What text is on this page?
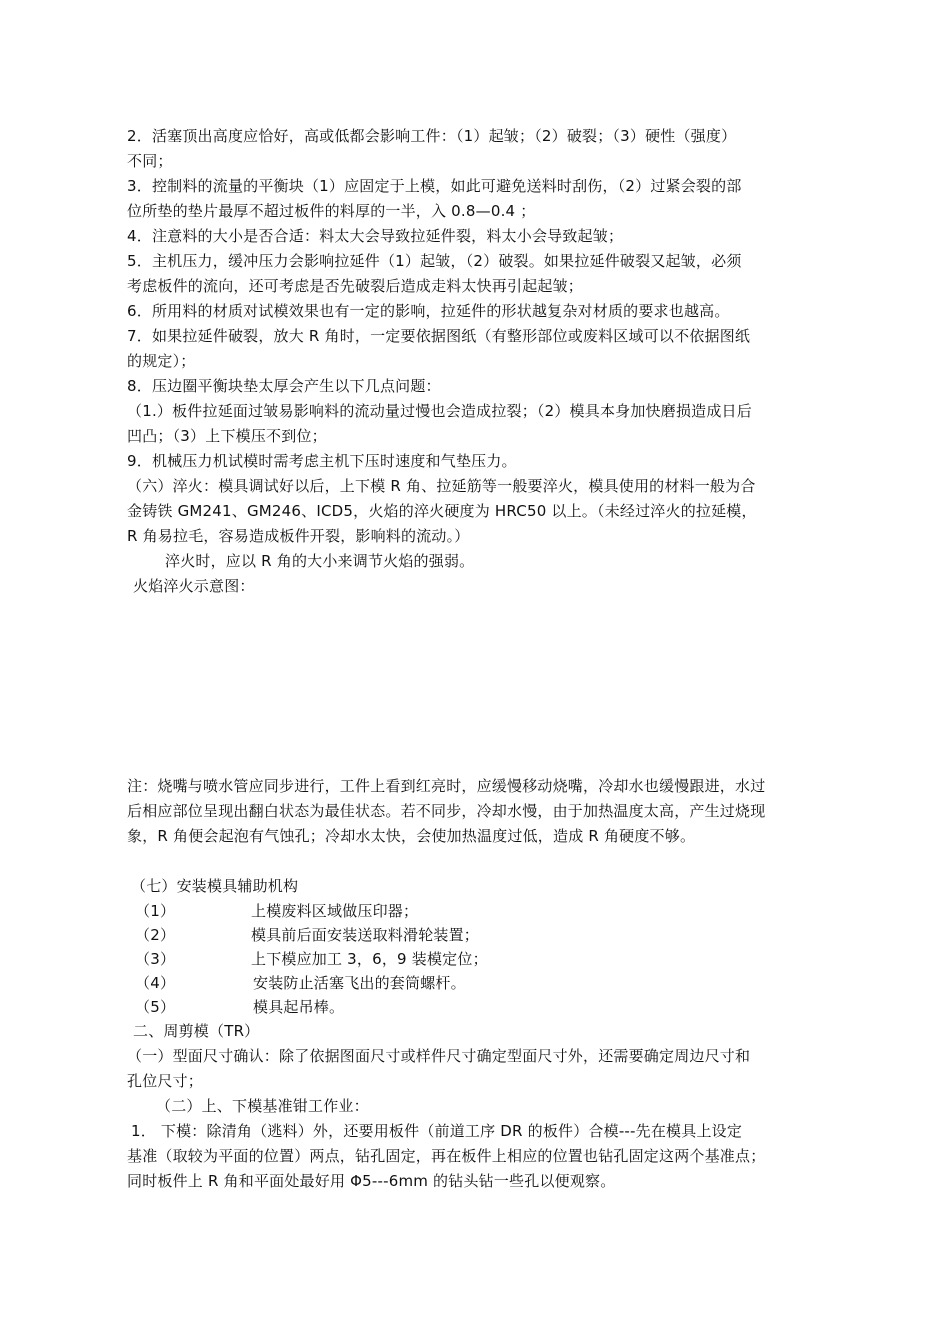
2．活塞顶出高度应恰好，高或低都会影响工件：（1）起皱；（2）破裂；（3）硬性（强度）
不同；
3．控制料的流量的平衡块（1）应固定于上模，如此可避免送料时刮伤，（2）过紧会裂的部
位所垫的垫片最厚不超过板件的料厚的一半，入 0.8—0.4 ；
4．注意料的大小是否合适：料太大会导致拉延件裂，料太小会导致起皱；
5．主机压力，缓冲压力会影响拉延件（1）起皱，（2）破裂。如果拉延件破裂又起皱，必须
考虑板件的流向，还可考虑是否先破裂后造成走料太快再引起起皱；
6．所用料的材质对试模效果也有一定的影响，拉延件的形状越复杂对材质的要求也越高。
7．如果拉延件破裂，放大 R 角时，一定要依据图纸（有整形部位或废料区域可以不依据图纸
的规定）；
8．压边圈平衡块垫太厚会产生以下几点问题：
（1.）板件拉延面过皱易影响料的流动量过慢也会造成拉裂；（2）模具本身加快磨损造成日后
凹凸；（3）上下模压不到位；
9．机械压力机试模时需考虑主机下压时速度和气垫压力。
（六）淬火：模具调试好以后，上下模 R 角、拉延筋等一般要淬火，模具使用的材料一般为合
金铸铁 GM241、GM246、ICD5，火焰的淬火硬度为 HRC50 以上。（未经过淬火的拉延模，
R 角易拉毛，容易造成板件开裂，影响料的流动。）
淬火时，应以 R 角的大小来调节火焰的强弱。
火焰淬火示意图：
注：烧嘴与喷水管应同步进行，工件上看到红亮时，应缓慢移动烧嘴，冷却水也缓慢跟进，水过
后相应部位呈现出翻白状态为最佳状态。若不同步，冷却水慢，由于加热温度太高，产生过烧现
象，R 角便会起泡有气蚀孔；冷却水太快，会使加热温度过低，造成 R 角硬度不够。
（七）安装模具辅助机构
（1）	上模废料区域做压印器；
（2）	模具前后面安装送取料滑轮装置；
（3）	上下模应加工 3，6，9 装模定位；
（4）	安装防止活塞飞出的套筒螺杆。
（5）	模具起吊棒。
二、周剪模（TR）
（一）型面尺寸确认：除了依据图面尺寸或样件尺寸确定型面尺寸外，还需要确定周边尺寸和
孔位尺寸；
（二）上、下模基准钳工作业：
1． 下模：除清角（逃料）外，还要用板件（前道工序 DR 的板件）合模---先在模具上设定
基准（取较为平面的位置）两点，钻孔固定，再在板件上相应的位置也钻孔固定这两个基准点；
同时板件上 R 角和平面处最好用 Φ5---6mm 的钻头钻一些孔以便观察。
